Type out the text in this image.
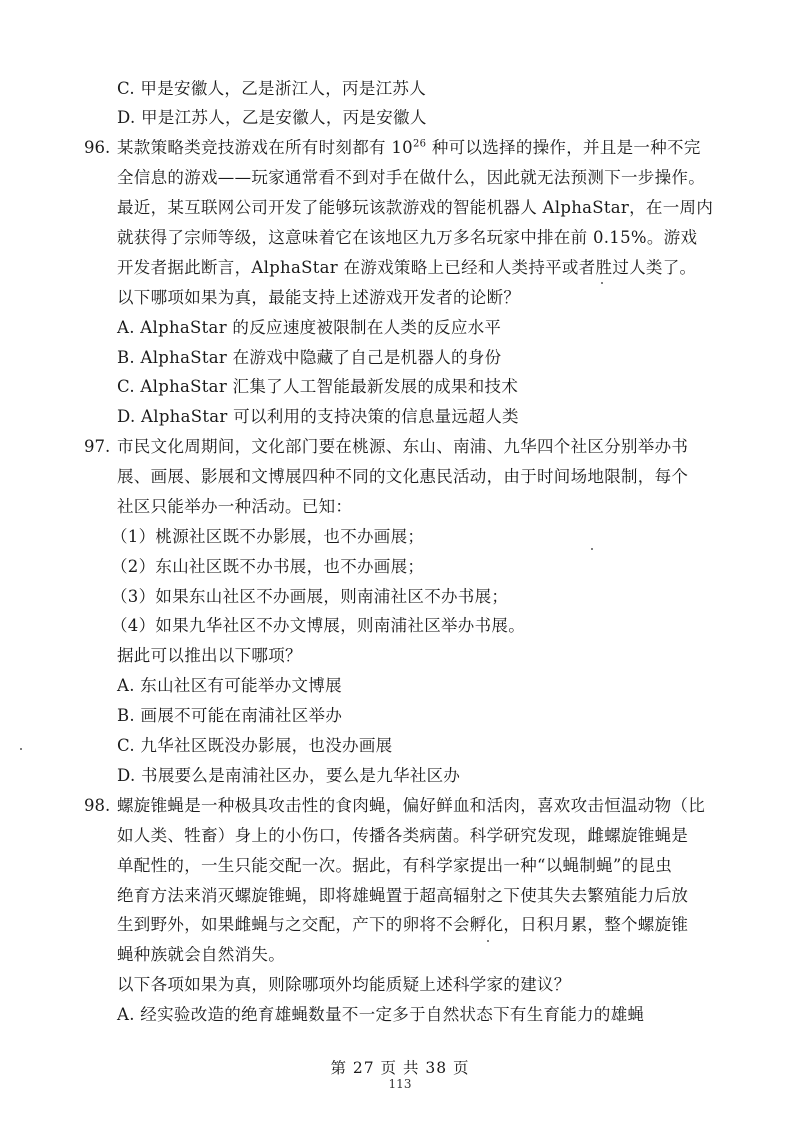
C. 甲是安徽人，乙是浙江人，丙是江苏人
D. 甲是江苏人，乙是安徽人，丙是安徽人
96. 某款策略类竞技游戏在所有时刻都有 $10^{26}$ 种可以选择的操作，并且是一种不完
全信息的游戏——玩家通常看不到对手在做什么，因此就无法预测下一步操作。
最近，某互联网公司开发了能够玩该款游戏的智能机器人 AlphaStar，在一周内
就获得了宗师等级，这意味着它在该地区九万多名玩家中排在前 0.15%。游戏
开发者据此断言，AlphaStar 在游戏策略上已经和人类持平或者胜过人类了。
以下哪项如果为真，最能支持上述游戏开发者的论断？
A. AlphaStar 的反应速度被限制在人类的反应水平
B. AlphaStar 在游戏中隐藏了自己是机器人的身份
C. AlphaStar 汇集了人工智能最新发展的成果和技术
D. AlphaStar 可以利用的支持决策的信息量远超人类
97. 市民文化周期间，文化部门要在桃源、东山、南浦、九华四个社区分别举办书
展、画展、影展和文博展四种不同的文化惠民活动，由于时间场地限制，每个
社区只能举办一种活动。已知：
（1）桃源社区既不办影展，也不办画展；
（2）东山社区既不办书展，也不办画展；
（3）如果东山社区不办画展，则南浦社区不办书展；
（4）如果九华社区不办文博展，则南浦社区举办书展。
据此可以推出以下哪项？
A. 东山社区有可能举办文博展
B. 画展不可能在南浦社区举办
C. 九华社区既没办影展，也没办画展
D. 书展要么是南浦社区办，要么是九华社区办
98. 螺旋锥蝇是一种极具攻击性的食肉蝇，偏好鲜血和活肉，喜欢攻击恒温动物（比
如人类、牲畜）身上的小伤口，传播各类病菌。科学研究发现，雌螺旋锥蝇是
单配性的，一生只能交配一次。据此，有科学家提出一种“以蝇制蝇”的昆虫
绝育方法来消灭螺旋锥蝇，即将雄蝇置于超高辐射之下使其失去繁殖能力后放
生到野外，如果雌蝇与之交配，产下的卵将不会孵化，日积月累，整个螺旋锥
蝇种族就会自然消失。
以下各项如果为真，则除哪项外均能质疑上述科学家的建议？
A. 经实验改造的绝育雄蝇数量不一定多于自然状态下有生育能力的雄蝇
第 27 页 共 38 页
113
